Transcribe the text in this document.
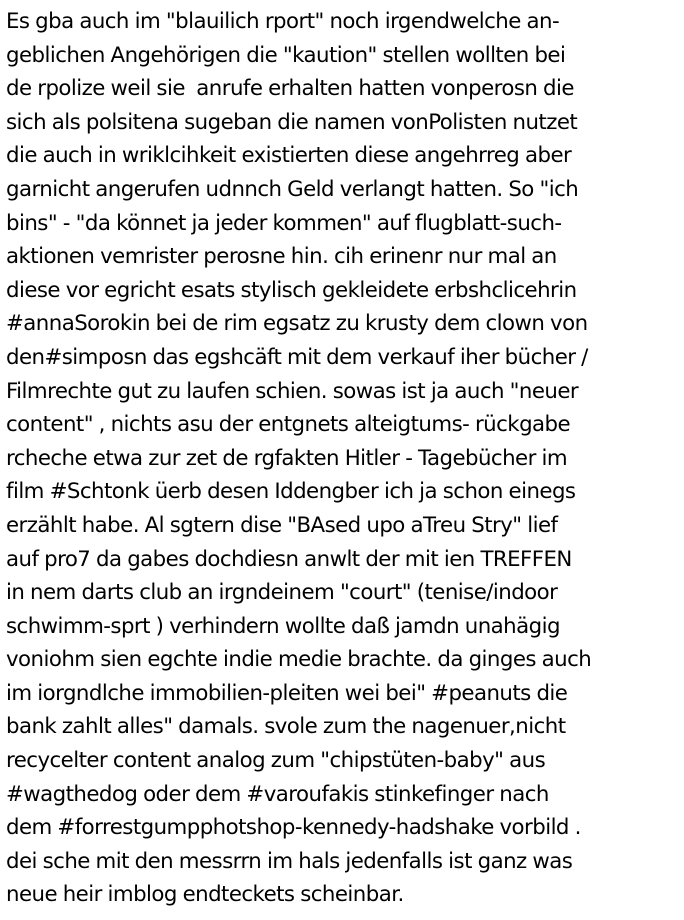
Es gba auch im "blauilich rport" noch irgendwelche an-
geblichen Angehörigen die "kaution" stellen wollten bei
de rpolize weil sie  anrufe erhalten hatten vonperosn die
sich als polsitena sugeban die namen vonPolisten nutzet
die auch in wriklcihkeit existierten diese angehrreg aber
garnicht angerufen udnnch Geld verlangt hatten. So "ich
bins" - "da könnet ja jeder kommen" auf flugblatt-such-
aktionen vemrister perosne hin. cih erinenr nur mal an
diese vor egricht esats stylisch gekleidete erbshclicehrin
#annaSorokin bei de rim egsatz zu krusty dem clown von
den#simposn das egshcäft mit dem verkauf iher bücher /
Filmrechte gut zu laufen schien. sowas ist ja auch "neuer
content" , nichts asu der entgnets alteigtums- rückgabe
rcheche etwa zur zet de rgfakten Hitler - Tagebücher im
film #Schtonk üerb desen Iddengber ich ja schon einegs
erzählt habe. Al sgtern dise "BAsed upo aTreu Stry" lief
auf pro7 da gabes dochdiesn anwlt der mit ien TREFFEN
in nem darts club an irgndeinem "court" (tenise/indoor
schwimm-sprt ) verhindern wollte daß jamdn unahägig
voniohm sien egchte indie medie brachte. da ginges auch
im iorgndlche immobilien-pleiten wei bei" #peanuts die
bank zahlt alles" damals. svole zum the nagenuer,nicht
recycelter content analog zum "chipstüten-baby" aus
#wagthedog oder dem #varoufakis stinkefinger nach
dem #forrestgumpphotshop-kennedy-hadshake vorbild .
dei sche mit den messrrn im hals jedenfalls ist ganz was
neue heir imblog endteckets scheinbar.
